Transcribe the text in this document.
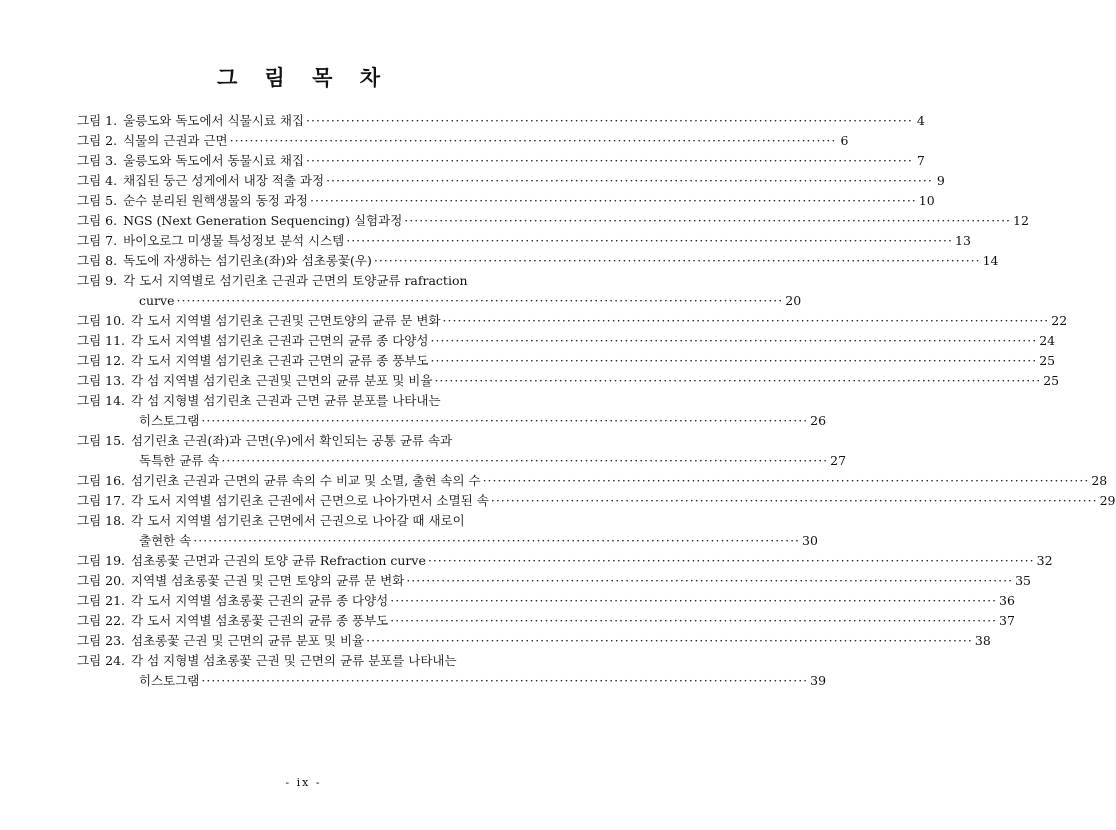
그 림 목 차
그림 1. 울릉도와 독도에서 식물시료 채집 ·····	4
그림 2. 식물의 근권과 근면 ·····	6
그림 3. 울릉도와 독도에서 동물시료 채집 ·····	7
그림 4. 채집된 둥근 성게에서 내장 적출 과정 ·····	9
그림 5. 순수 분리된 원핵생물의 동정 과정 ·····	10
그림 6. NGS (Next Generation Sequencing) 실험과정 ·····	12
그림 7. 바이오로그 미생물 특성정보 분석 시스템 ·····	13
그림 8. 독도에 자생하는 섬기린초(좌)와 섬초롱꽃(우) ·····	14
그림 9. 각 도서 지역별로 섬기린초 근권과 근면의 토양균류 rafraction
curve ·····	20
그림 10. 각 도서 지역별 섬기린초 근권및 근면토양의 균류 문 변화 ·····	22
그림 11. 각 도서 지역별 섬기린초 근권과 근면의 균류 종 다양성 ·····	24
그림 12. 각 도서 지역별 섬기린초 근권과 근면의 균류 종 풍부도 ·····	25
그림 13. 각 섬 지역별 섬기린초 근권및 근면의 균류 분포 및 비율 ·····	25
그림 14. 각 섬 지형별 섬기린초 근권과 근면 균류 분포를 나타내는
히스토그램 ·····	26
그림 15. 섬기린초 근권(좌)과 근면(우)에서 확인되는 공통 균류 속과
독특한 균류 속 ·····	27
그림 16. 섬기린초 근권과 근면의 균류 속의 수 비교 및 소멸, 출현 속의 수 ·····	28
그림 17. 각 도서 지역별 섬기린초 근권에서 근면으로 나아가면서 소멸된 속 ·····	29
그림 18. 각 도서 지역별 섬기린초 근면에서 근권으로 나아갈 때 새로이
출현한 속 ·····	30
그림 19. 섬초롱꽃 근면과 근권의 토양 균류 Refraction curve ·····	32
그림 20. 지역별 섬초롱꽃 근권 및 근면 토양의 균류 문 변화 ·····	35
그림 21. 각 도서 지역별 섬초롱꽃 근권의 균류 종 다양성 ·····	36
그림 22. 각 도서 지역별 섬초롱꽃 근권의 균류 종 풍부도 ·····	37
그림 23. 섬초롱꽃 근권 및 근면의 균류 분포 및 비율 ·····	38
그림 24. 각 섬 지형별 섬초롱꽃 근권 및 근면의 균류 분포를 나타내는
히스토그램 ·····	39
- ix -
